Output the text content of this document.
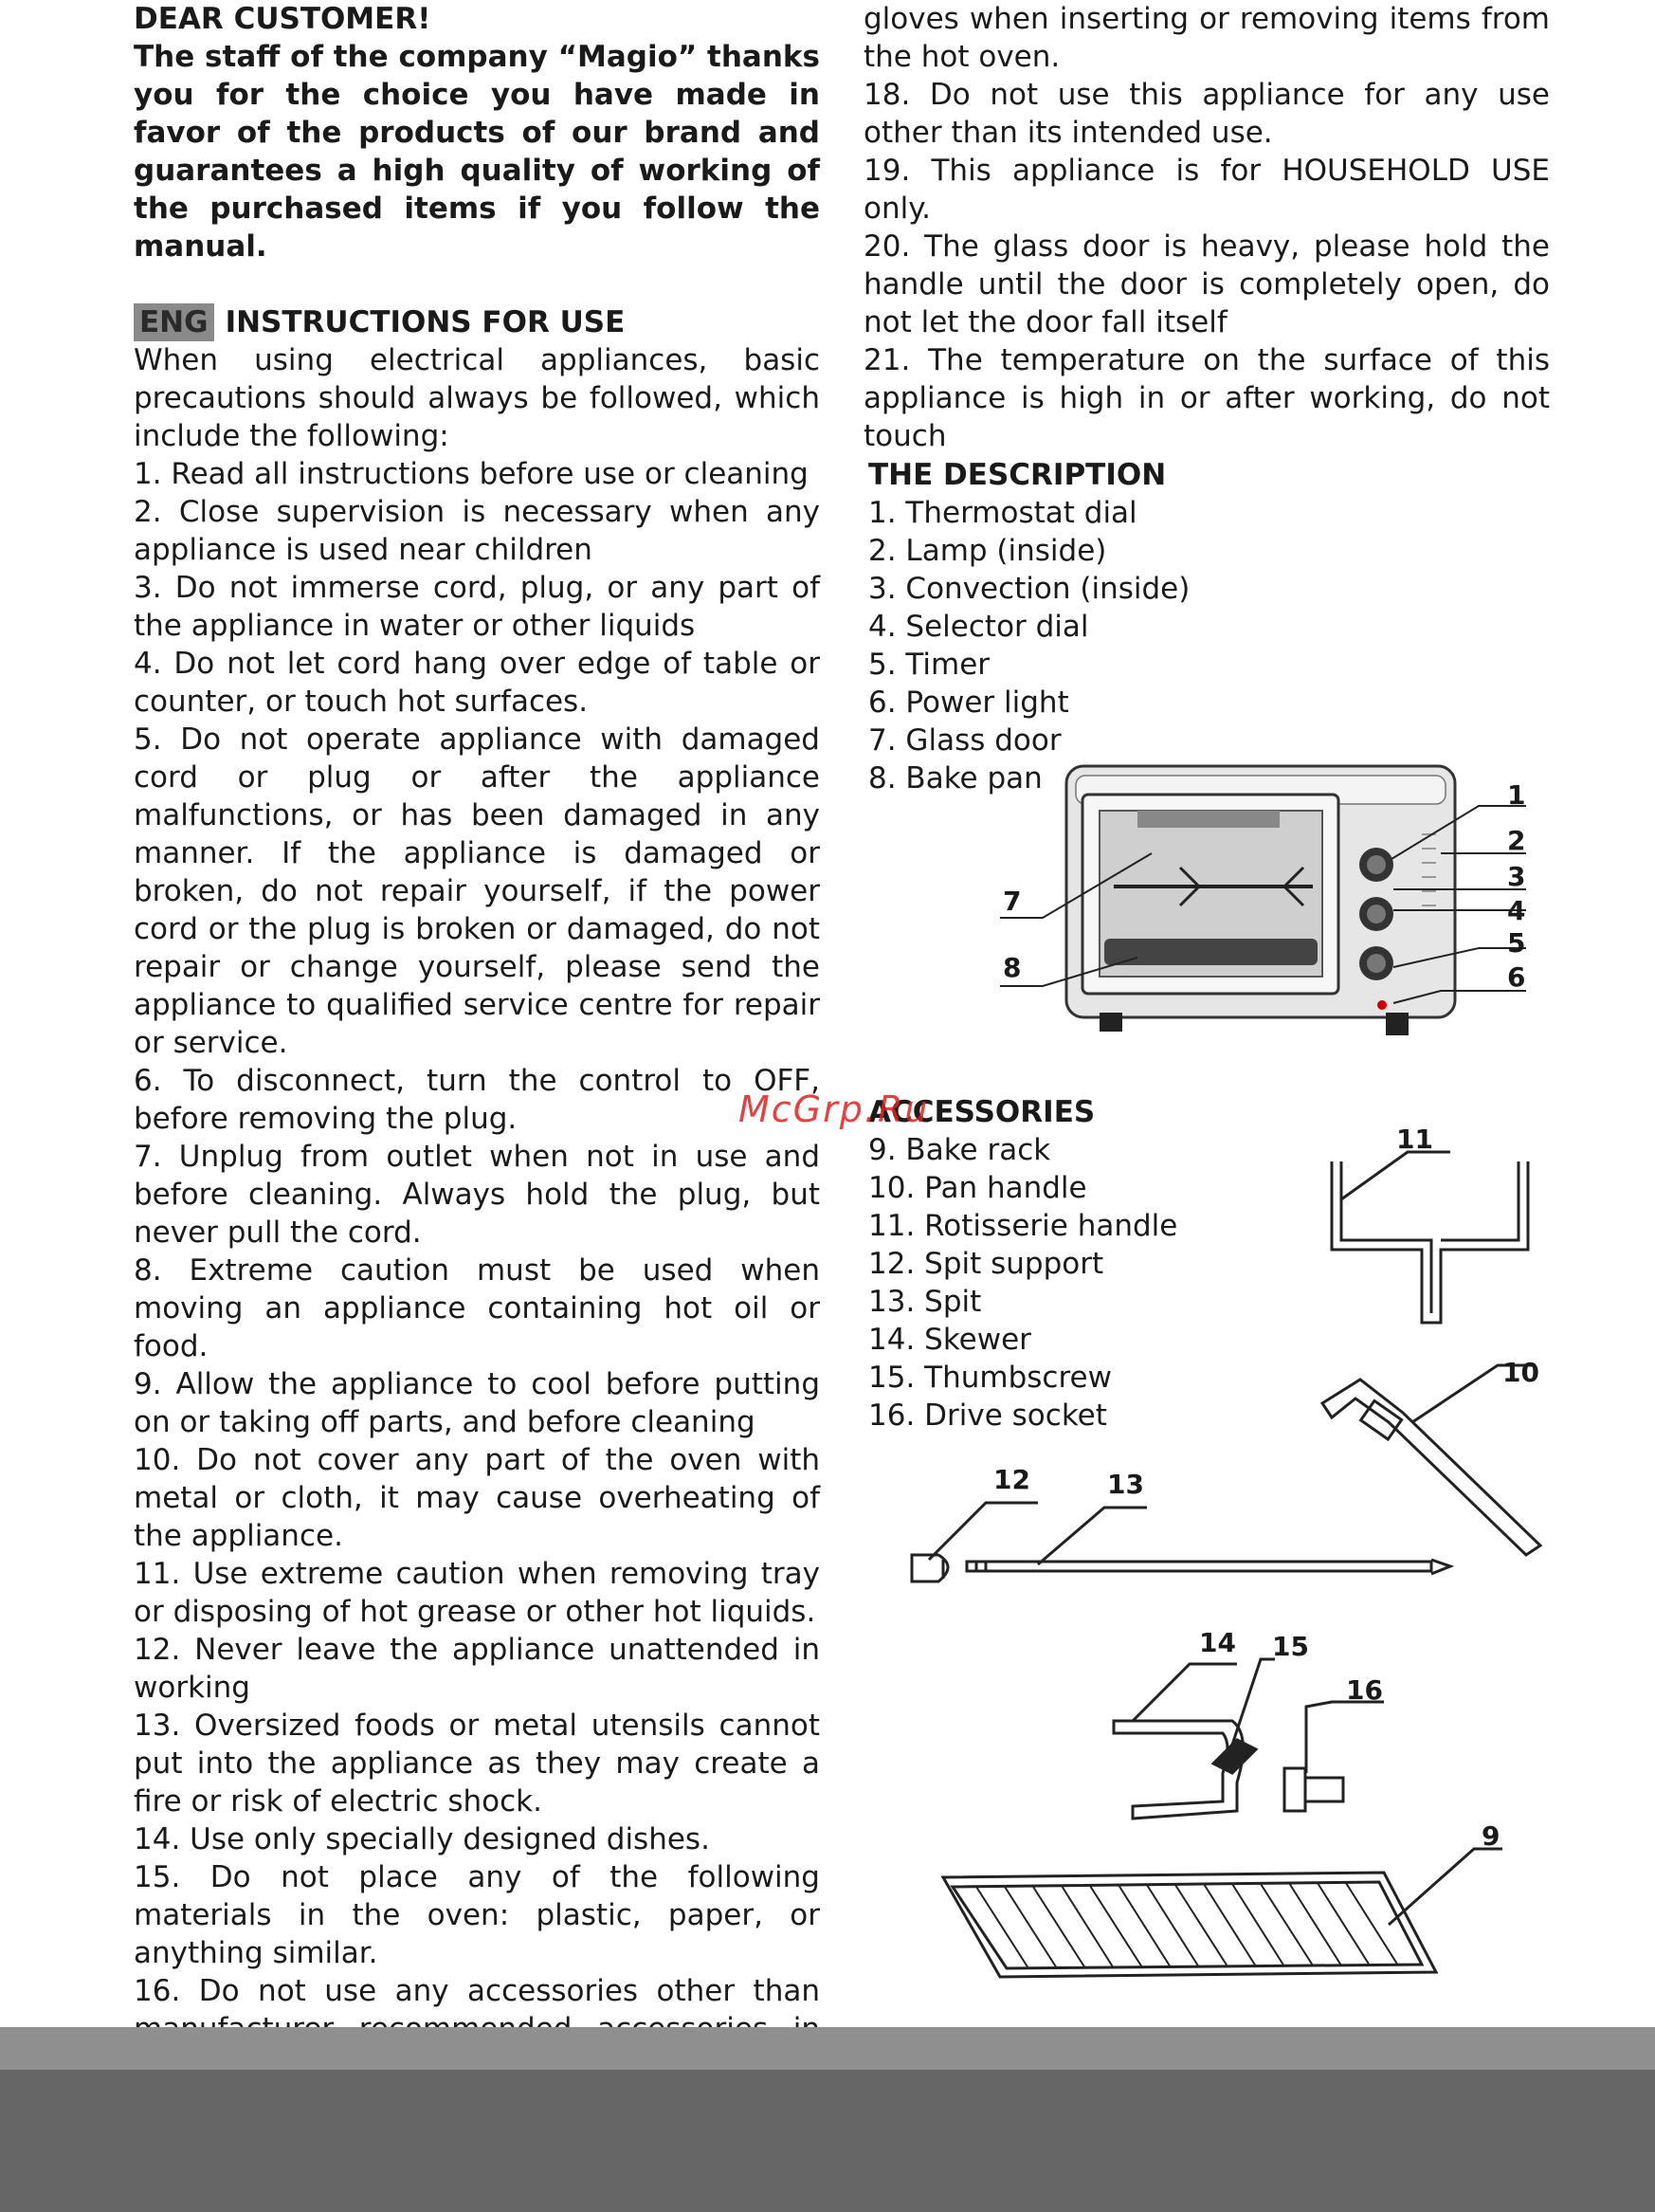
DEAR CUSTOMER!

The staff of the company “Magio” thanks you for the choice you have made in favor of the products of our brand and guarantees a high quality of working of the purchased items if you follow the manual.

ENG INSTRUCTIONS FOR USE

When using electrical appliances, basic precautions should always be followed, which include the following:

1. Read all instructions before use or cleaning

2. Close supervision is necessary when any appliance is used near children

3. Do not immerse cord, plug, or any part of the appliance in water or other liquids

4. Do not let cord hang over edge of table or counter, or touch hot surfaces.

5. Do not operate appliance with damaged cord or plug or after the appliance malfunctions, or has been damaged in any manner. If the appliance is damaged or broken, do not repair yourself, if the power cord or the plug is broken or damaged, do not repair or change yourself, please send the appliance to qualified service centre for repair or service.

6. To disconnect, turn the control to OFF, before removing the plug.

7. Unplug from outlet when not in use and before cleaning. Always hold the plug, but never pull the cord.

8. Extreme caution must be used when moving an appliance containing hot oil or food.

9. Allow the appliance to cool before putting on or taking off parts, and before cleaning

10. Do not cover any part of the oven with metal or cloth, it may cause overheating of the appliance.

11. Use extreme caution when removing tray or disposing of hot grease or other hot liquids.

12. Never leave the appliance unattended in working

13. Oversized foods or metal utensils cannot put into the appliance as they may create a fire or risk of electric shock.

14. Use only specially designed dishes.

15. Do not place any of the following materials in the oven: plastic, paper, or anything similar.

16. Do not use any accessories other than

gloves when inserting or removing items from the hot oven.

18. Do not use this appliance for any use other than its intended use.

19. This appliance is for HOUSEHOLD USE only.

20. The glass door is heavy, please hold the handle until the door is completely open, do not let the door fall itself

21. The temperature on the surface of this appliance is high in or after working, do not touch

THE DESCRIPTION

1. Thermostat dial
2. Lamp (inside)
3. Convection (inside)
4. Selector dial
5. Timer
6. Power light
7. Glass door
8. Bake pan

ACCESSORIES

9. Bake rack
10. Pan handle
11. Rotisserie handle
12. Spit support
13. Spit
14. Skewer
15. Thumbscrew
16. Drive socket
1
2
3
4
5
6
7
8
11
10
12	13
14 15
16
9
McGrp.Ru
